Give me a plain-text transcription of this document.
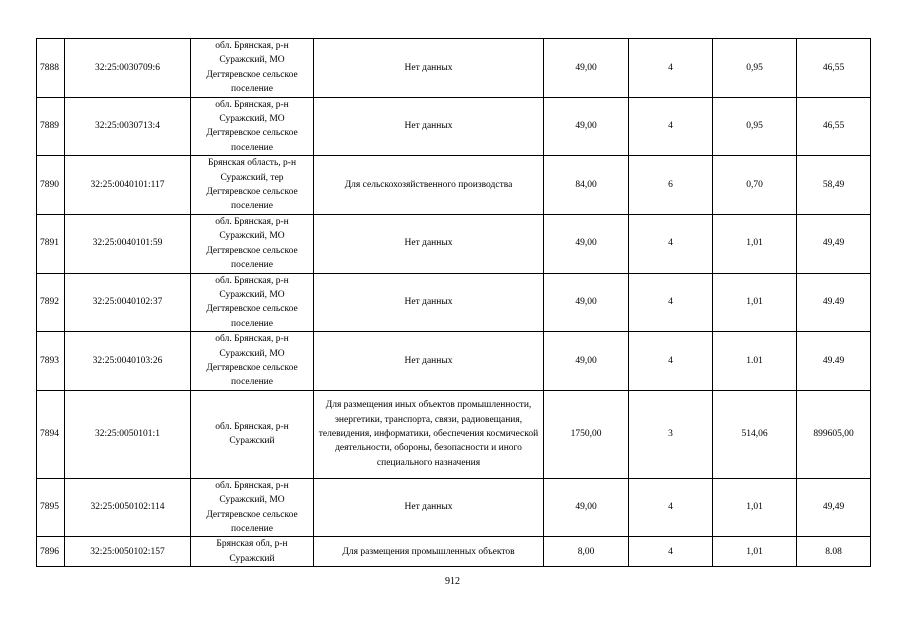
7888	32:25:0030709:6	обл. Брянская, р-н Суражский, МО Дегтяревское сельское поселение	Нет данных	49,00	4	0,95	46,55
7889	32:25:0030713:4	обл. Брянская, р-н Суражский, МО Дегтяревское сельское поселение	Нет данных	49,00	4	0,95	46,55
7890	32:25:0040101:117	Брянская область, р-н Суражский, тер Дегтяревское сельское поселение	Для сельскохозяйственного производства	84,00	6	0,70	58,49
7891	32:25:0040101:59	обл. Брянская, р-н Суражский, МО Дегтяревское сельское поселение	Нет данных	49,00	4	1,01	49,49
7892	32:25:0040102:37	обл. Брянская, р-н Суражский, МО Дегтяревское сельское поселение	Нет данных	49,00	4	1,01	49.49
7893	32:25:0040103:26	обл. Брянская, р-н Суражский, МО Дегтяревское сельское поселение	Нет данных	49,00	4	1.01	49.49
7894	32:25:0050101:1	обл. Брянская, р-н Суражский	Для размещения иных объектов промышленности, энергетики, транспорта, связи, радиовещания, телевидения, информатики, обеспечения космической деятельности, обороны, безопасности и иного специального назначения	1750,00	3	514,06	899605,00
7895	32:25:0050102:114	обл. Брянская, р-н Суражский, МО Дегтяревское сельское поселение	Нет данных	49,00	4	1,01	49,49
7896	32:25:0050102:157	Брянская обл, р-н Суражский	Для размещения промышленных объектов	8,00	4	1,01	8.08
912
